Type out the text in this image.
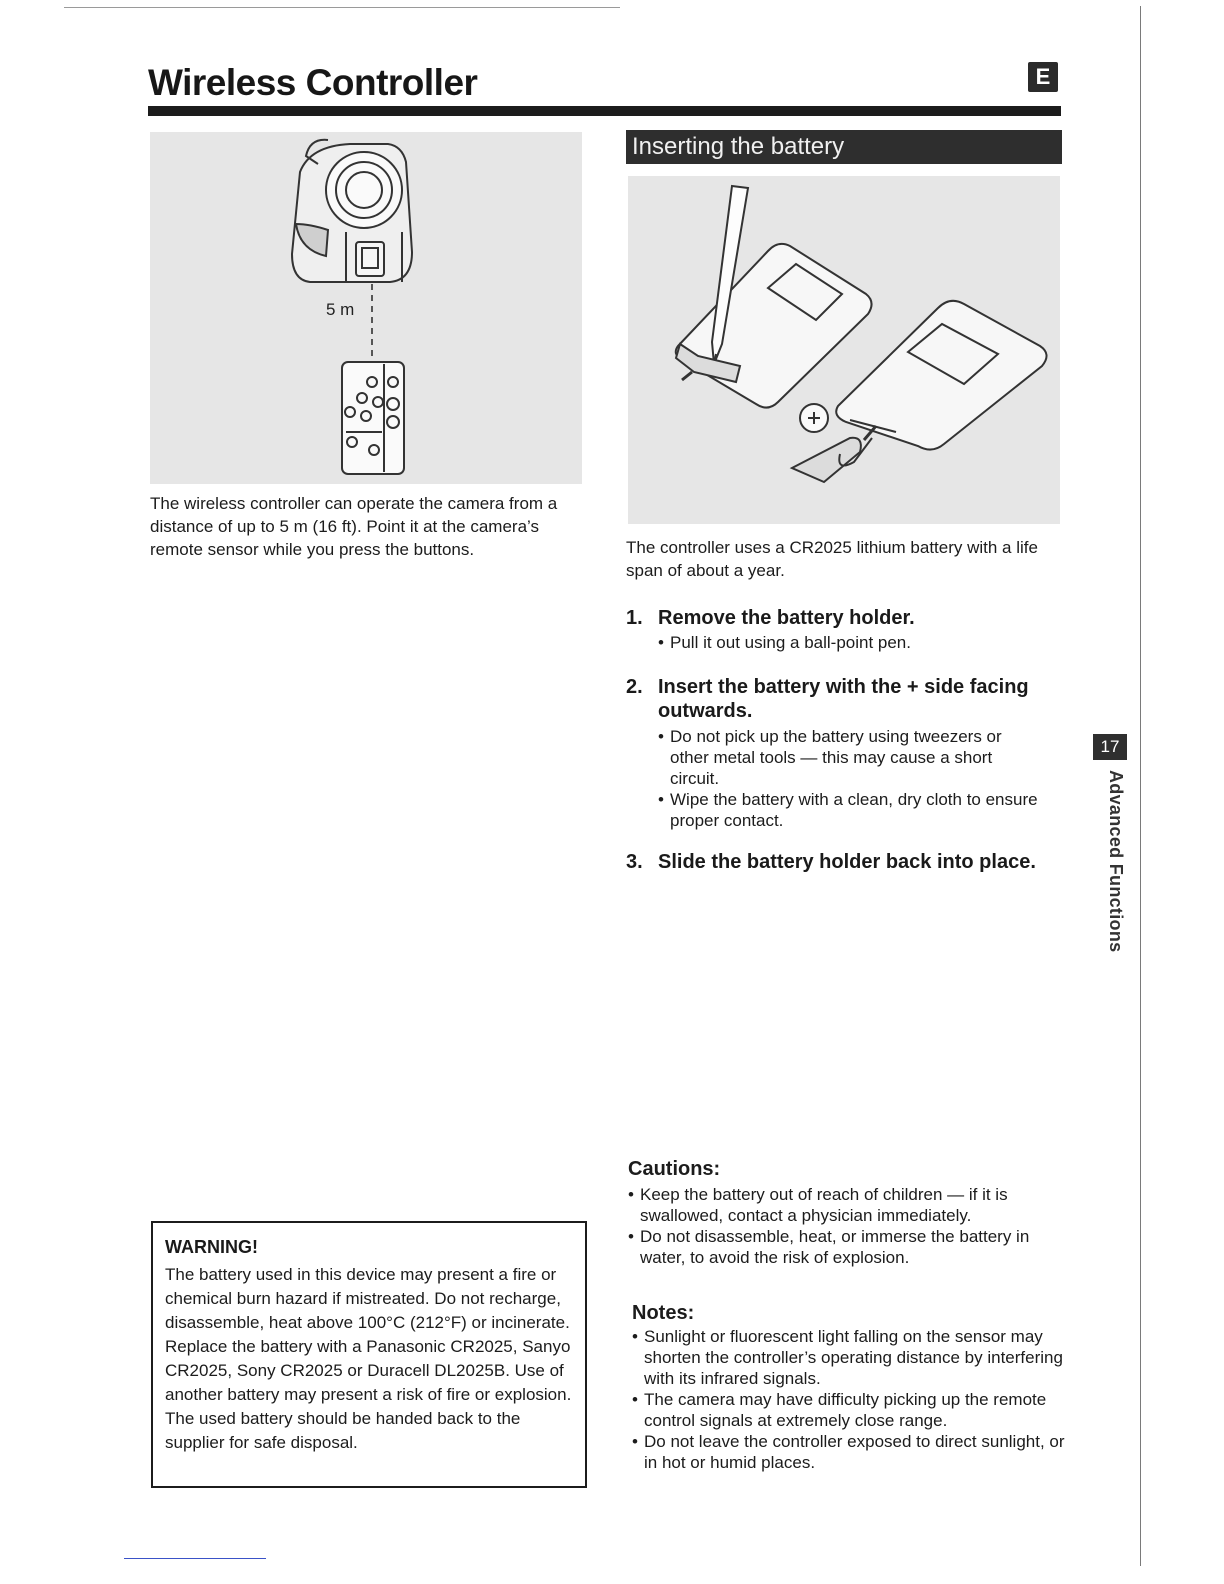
Wireless Controller	E
5 m
The wireless controller can operate the camera from a distance of up to 5 m (16 ft). Point it at the camera’s remote sensor while you press the buttons.
Inserting the battery
The controller uses a CR2025 lithium battery with a life span of about a year.
1. Remove the battery holder.
• Pull it out using a ball-point pen.
2. Insert the battery with the + side facing outwards.
• Do not pick up the battery using tweezers or other metal tools — this may cause a short circuit.
• Wipe the battery with a clean, dry cloth to ensure proper contact.
3. Slide the battery holder back into place.
17
Advanced Functions
Cautions:
• Keep the battery out of reach of children — if it is swallowed, contact a physician immediately.
• Do not disassemble, heat, or immerse the battery in water, to avoid the risk of explosion.
Notes:
• Sunlight or fluorescent light falling on the sensor may shorten the controller’s operating distance by interfering with its infrared signals.
• The camera may have difficulty picking up the remote control signals at extremely close range.
• Do not leave the controller exposed to direct sunlight, or in hot or humid places.
WARNING!
The battery used in this device may present a fire or chemical burn hazard if mistreated. Do not recharge, disassemble, heat above 100°C (212°F) or incinerate. Replace the battery with a Panasonic CR2025, Sanyo CR2025, Sony CR2025 or Duracell DL2025B. Use of another battery may present a risk of fire or explosion. The used battery should be handed back to the supplier for safe disposal.
